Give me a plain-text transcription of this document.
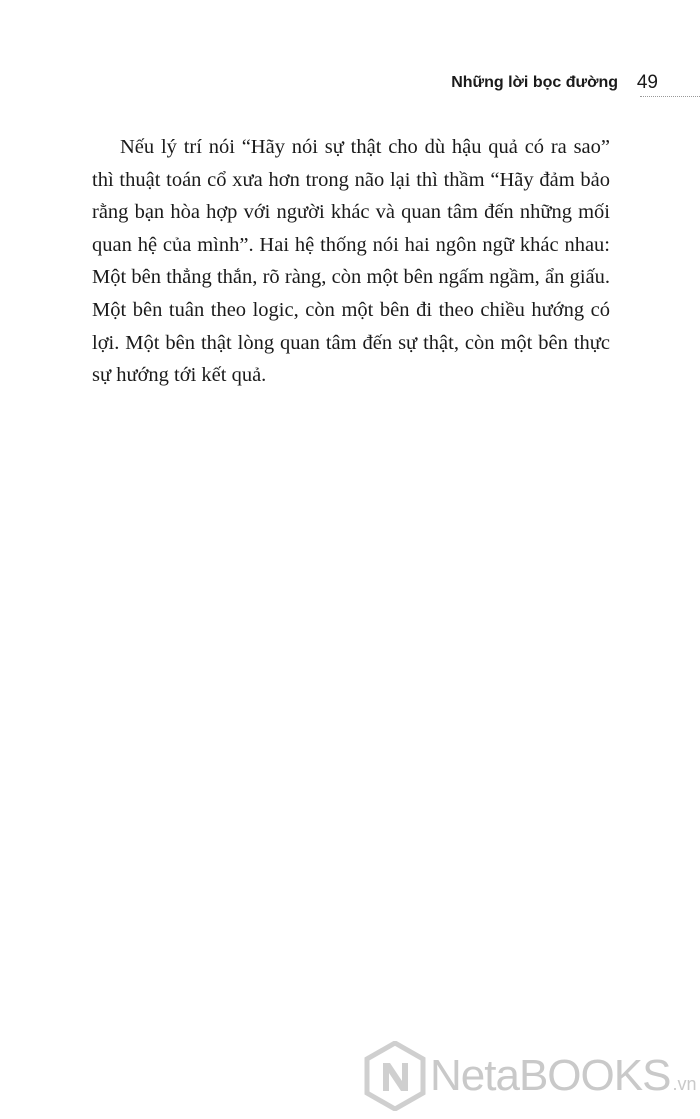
Những lời bọc đường 49

Nếu lý trí nói “Hãy nói sự thật cho dù hậu quả có ra sao” thì thuật toán cổ xưa hơn trong não lại thì thầm “Hãy đảm bảo rằng bạn hòa hợp với người khác và quan tâm đến những mối quan hệ của mình”. Hai hệ thống nói hai ngôn ngữ khác nhau: Một bên thẳng thắn, rõ ràng, còn một bên ngấm ngầm, ẩn giấu. Một bên tuân theo logic, còn một bên đi theo chiều hướng có lợi. Một bên thật lòng quan tâm đến sự thật, còn một bên thực sự hướng tới kết quả.

NetaBOOKS .vn
